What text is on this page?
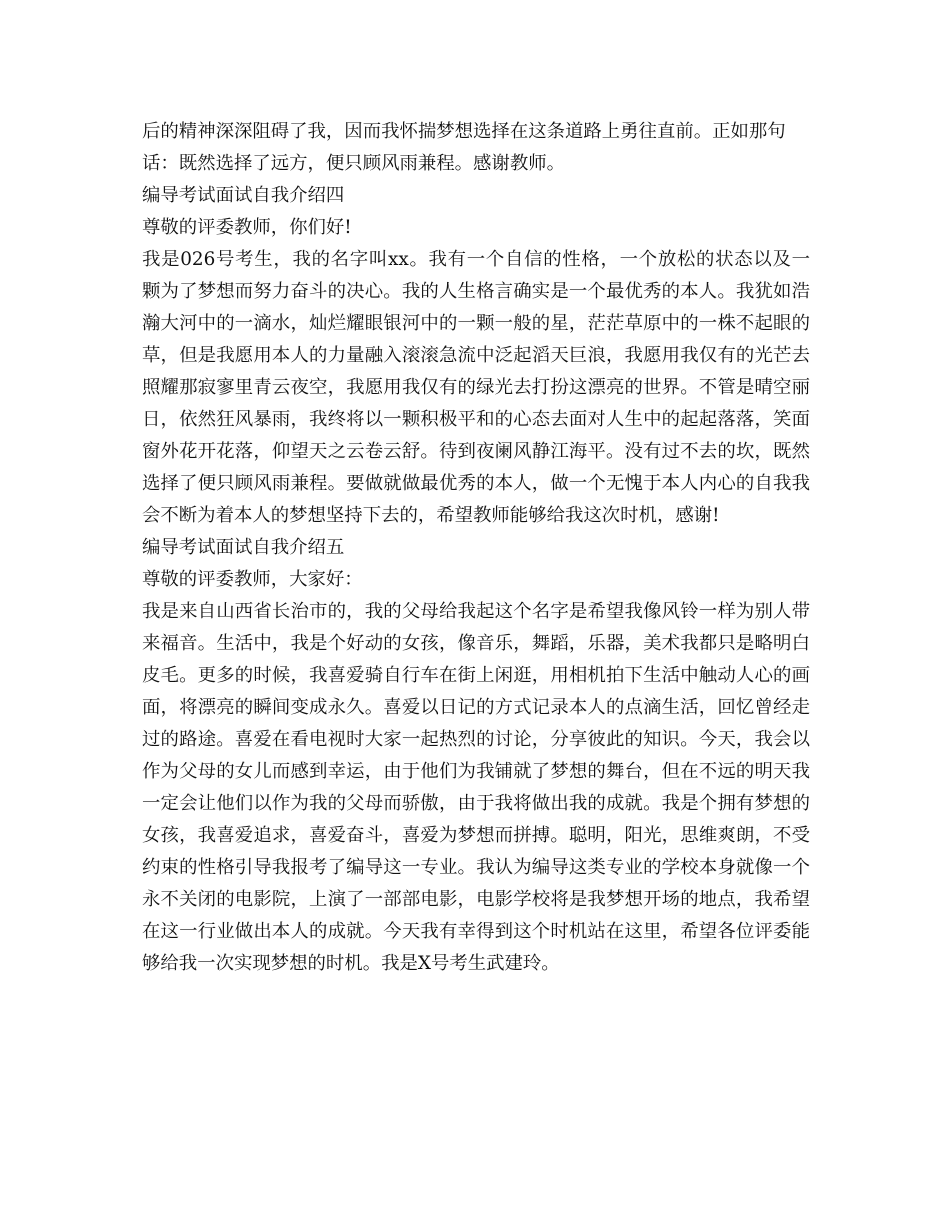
后的精神深深阻碍了我，因而我怀揣梦想选择在这条道路上勇往直前。正如那句
话：既然选择了远方，便只顾风雨兼程。感谢教师。
编导考试面试自我介绍四
尊敬的评委教师，你们好!
我是026号考生，我的名字叫xx。我有一个自信的性格，一个放松的状态以及一
颗为了梦想而努力奋斗的决心。我的人生格言确实是一个最优秀的本人。我犹如浩
瀚大河中的一滴水，灿烂耀眼银河中的一颗一般的星，茫茫草原中的一株不起眼的
草，但是我愿用本人的力量融入滚滚急流中泛起滔天巨浪，我愿用我仅有的光芒去
照耀那寂寥里青云夜空，我愿用我仅有的绿光去打扮这漂亮的世界。不管是晴空丽
日，依然狂风暴雨，我终将以一颗积极平和的心态去面对人生中的起起落落，笑面
窗外花开花落，仰望天之云卷云舒。待到夜阑风静江海平。没有过不去的坎，既然
选择了便只顾风雨兼程。要做就做最优秀的本人，做一个无愧于本人内心的自我我
会不断为着本人的梦想坚持下去的，希望教师能够给我这次时机，感谢!
编导考试面试自我介绍五
尊敬的评委教师，大家好：
我是来自山西省长治市的，我的父母给我起这个名字是希望我像风铃一样为别人带
来福音。生活中，我是个好动的女孩，像音乐，舞蹈，乐器，美术我都只是略明白
皮毛。更多的时候，我喜爱骑自行车在街上闲逛，用相机拍下生活中触动人心的画
面，将漂亮的瞬间变成永久。喜爱以日记的方式记录本人的点滴生活，回忆曾经走
过的路途。喜爱在看电视时大家一起热烈的讨论，分享彼此的知识。今天，我会以
作为父母的女儿而感到幸运，由于他们为我铺就了梦想的舞台，但在不远的明天我
一定会让他们以作为我的父母而骄傲，由于我将做出我的成就。我是个拥有梦想的
女孩，我喜爱追求，喜爱奋斗，喜爱为梦想而拼搏。聪明，阳光，思维爽朗，不受
约束的性格引导我报考了编导这一专业。我认为编导这类专业的学校本身就像一个
永不关闭的电影院，上演了一部部电影，电影学校将是我梦想开场的地点，我希望
在这一行业做出本人的成就。今天我有幸得到这个时机站在这里，希望各位评委能
够给我一次实现梦想的时机。我是X号考生武建玲。
